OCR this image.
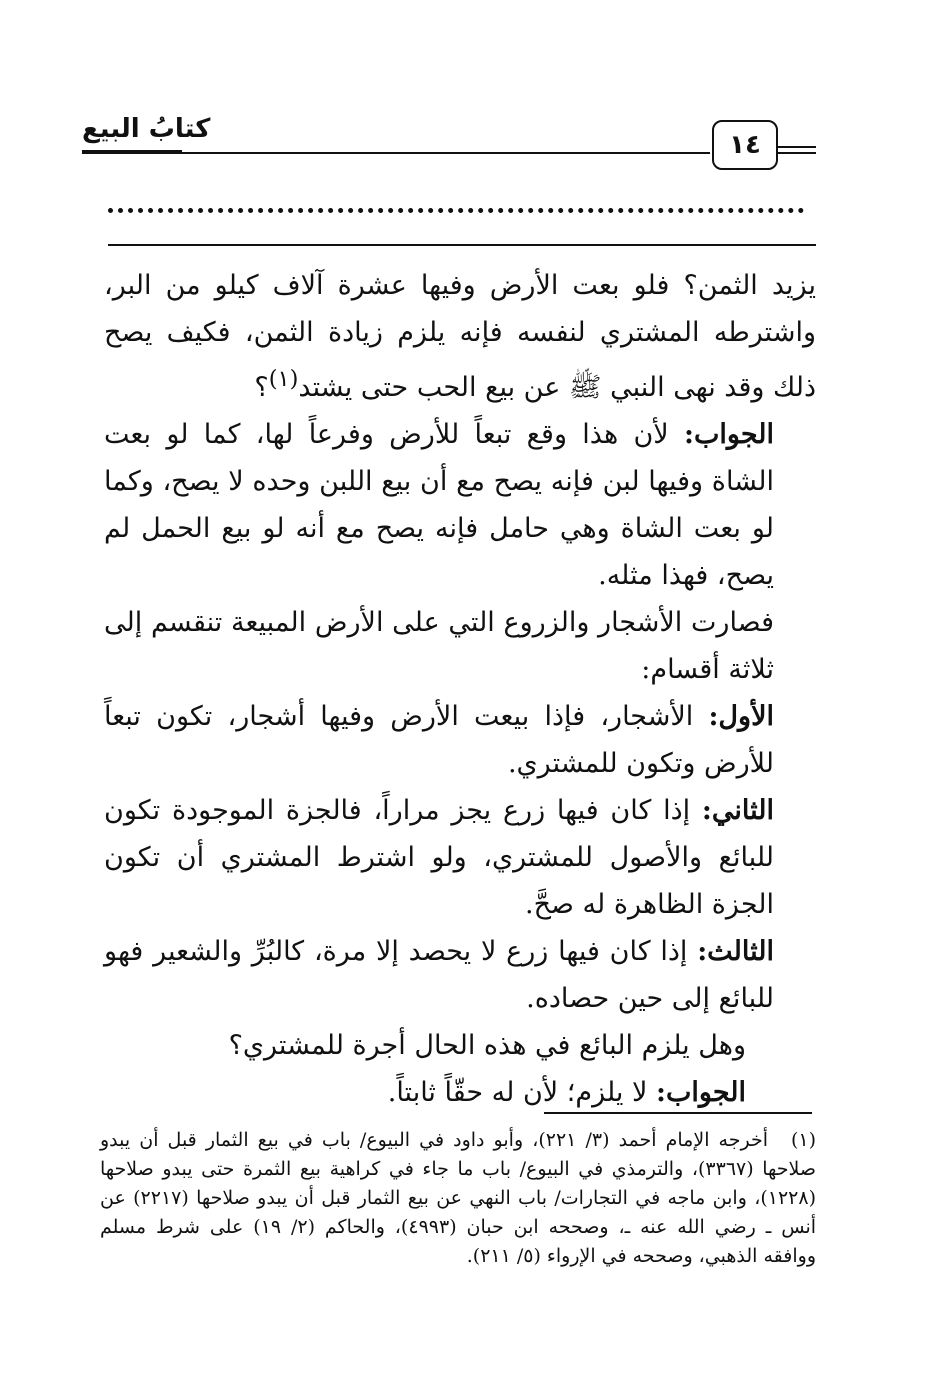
كتابُ البيع
١٤

يزيد الثمن؟ فلو بعت الأرض وفيها عشرة آلاف كيلو من البر، واشترطه المشتري لنفسه فإنه يلزم زيادة الثمن، فكيف يصح ذلك وقد نهى النبي ﷺ عن بيع الحب حتى يشتد$^{(١)}$؟

الجواب: لأن هذا وقع تبعاً للأرض وفرعاً لها، كما لو بعت الشاة وفيها لبن فإنه يصح مع أن بيع اللبن وحده لا يصح، وكما لو بعت الشاة وهي حامل فإنه يصح مع أنه لو بيع الحمل لم يصح، فهذا مثله.

فصارت الأشجار والزروع التي على الأرض المبيعة تنقسم إلى ثلاثة أقسام:

الأول: الأشجار، فإذا بيعت الأرض وفيها أشجار، تكون تبعاً للأرض وتكون للمشتري.

الثاني: إذا كان فيها زرع يجز مراراً، فالجزة الموجودة تكون للبائع والأصول للمشتري، ولو اشترط المشتري أن تكون الجزة الظاهرة له صحَّ.

الثالث: إذا كان فيها زرع لا يحصد إلا مرة، كالبُرِّ والشعير فهو للبائع إلى حين حصاده.

وهل يلزم البائع في هذه الحال أجرة للمشتري؟

الجواب: لا يلزم؛ لأن له حقّاً ثابتاً.

(١)أخرجه الإمام أحمد (٣/ ٢٢١)، وأبو داود في البيوع/ باب في بيع الثمار قبل أن يبدو صلاحها (٣٣٦٧)، والترمذي في البيوع/ باب ما جاء في كراهية بيع الثمرة حتى يبدو صلاحها (١٢٢٨)، وابن ماجه في التجارات/ باب النهي عن بيع الثمار قبل أن يبدو صلاحها (٢٢١٧) عن أنس ـ رضي الله عنه ـ، وصححه ابن حبان (٤٩٩٣)، والحاكم (٢/ ١٩) على شرط مسلم ووافقه الذهبي، وصححه في الإرواء (٥/ ٢١١).
